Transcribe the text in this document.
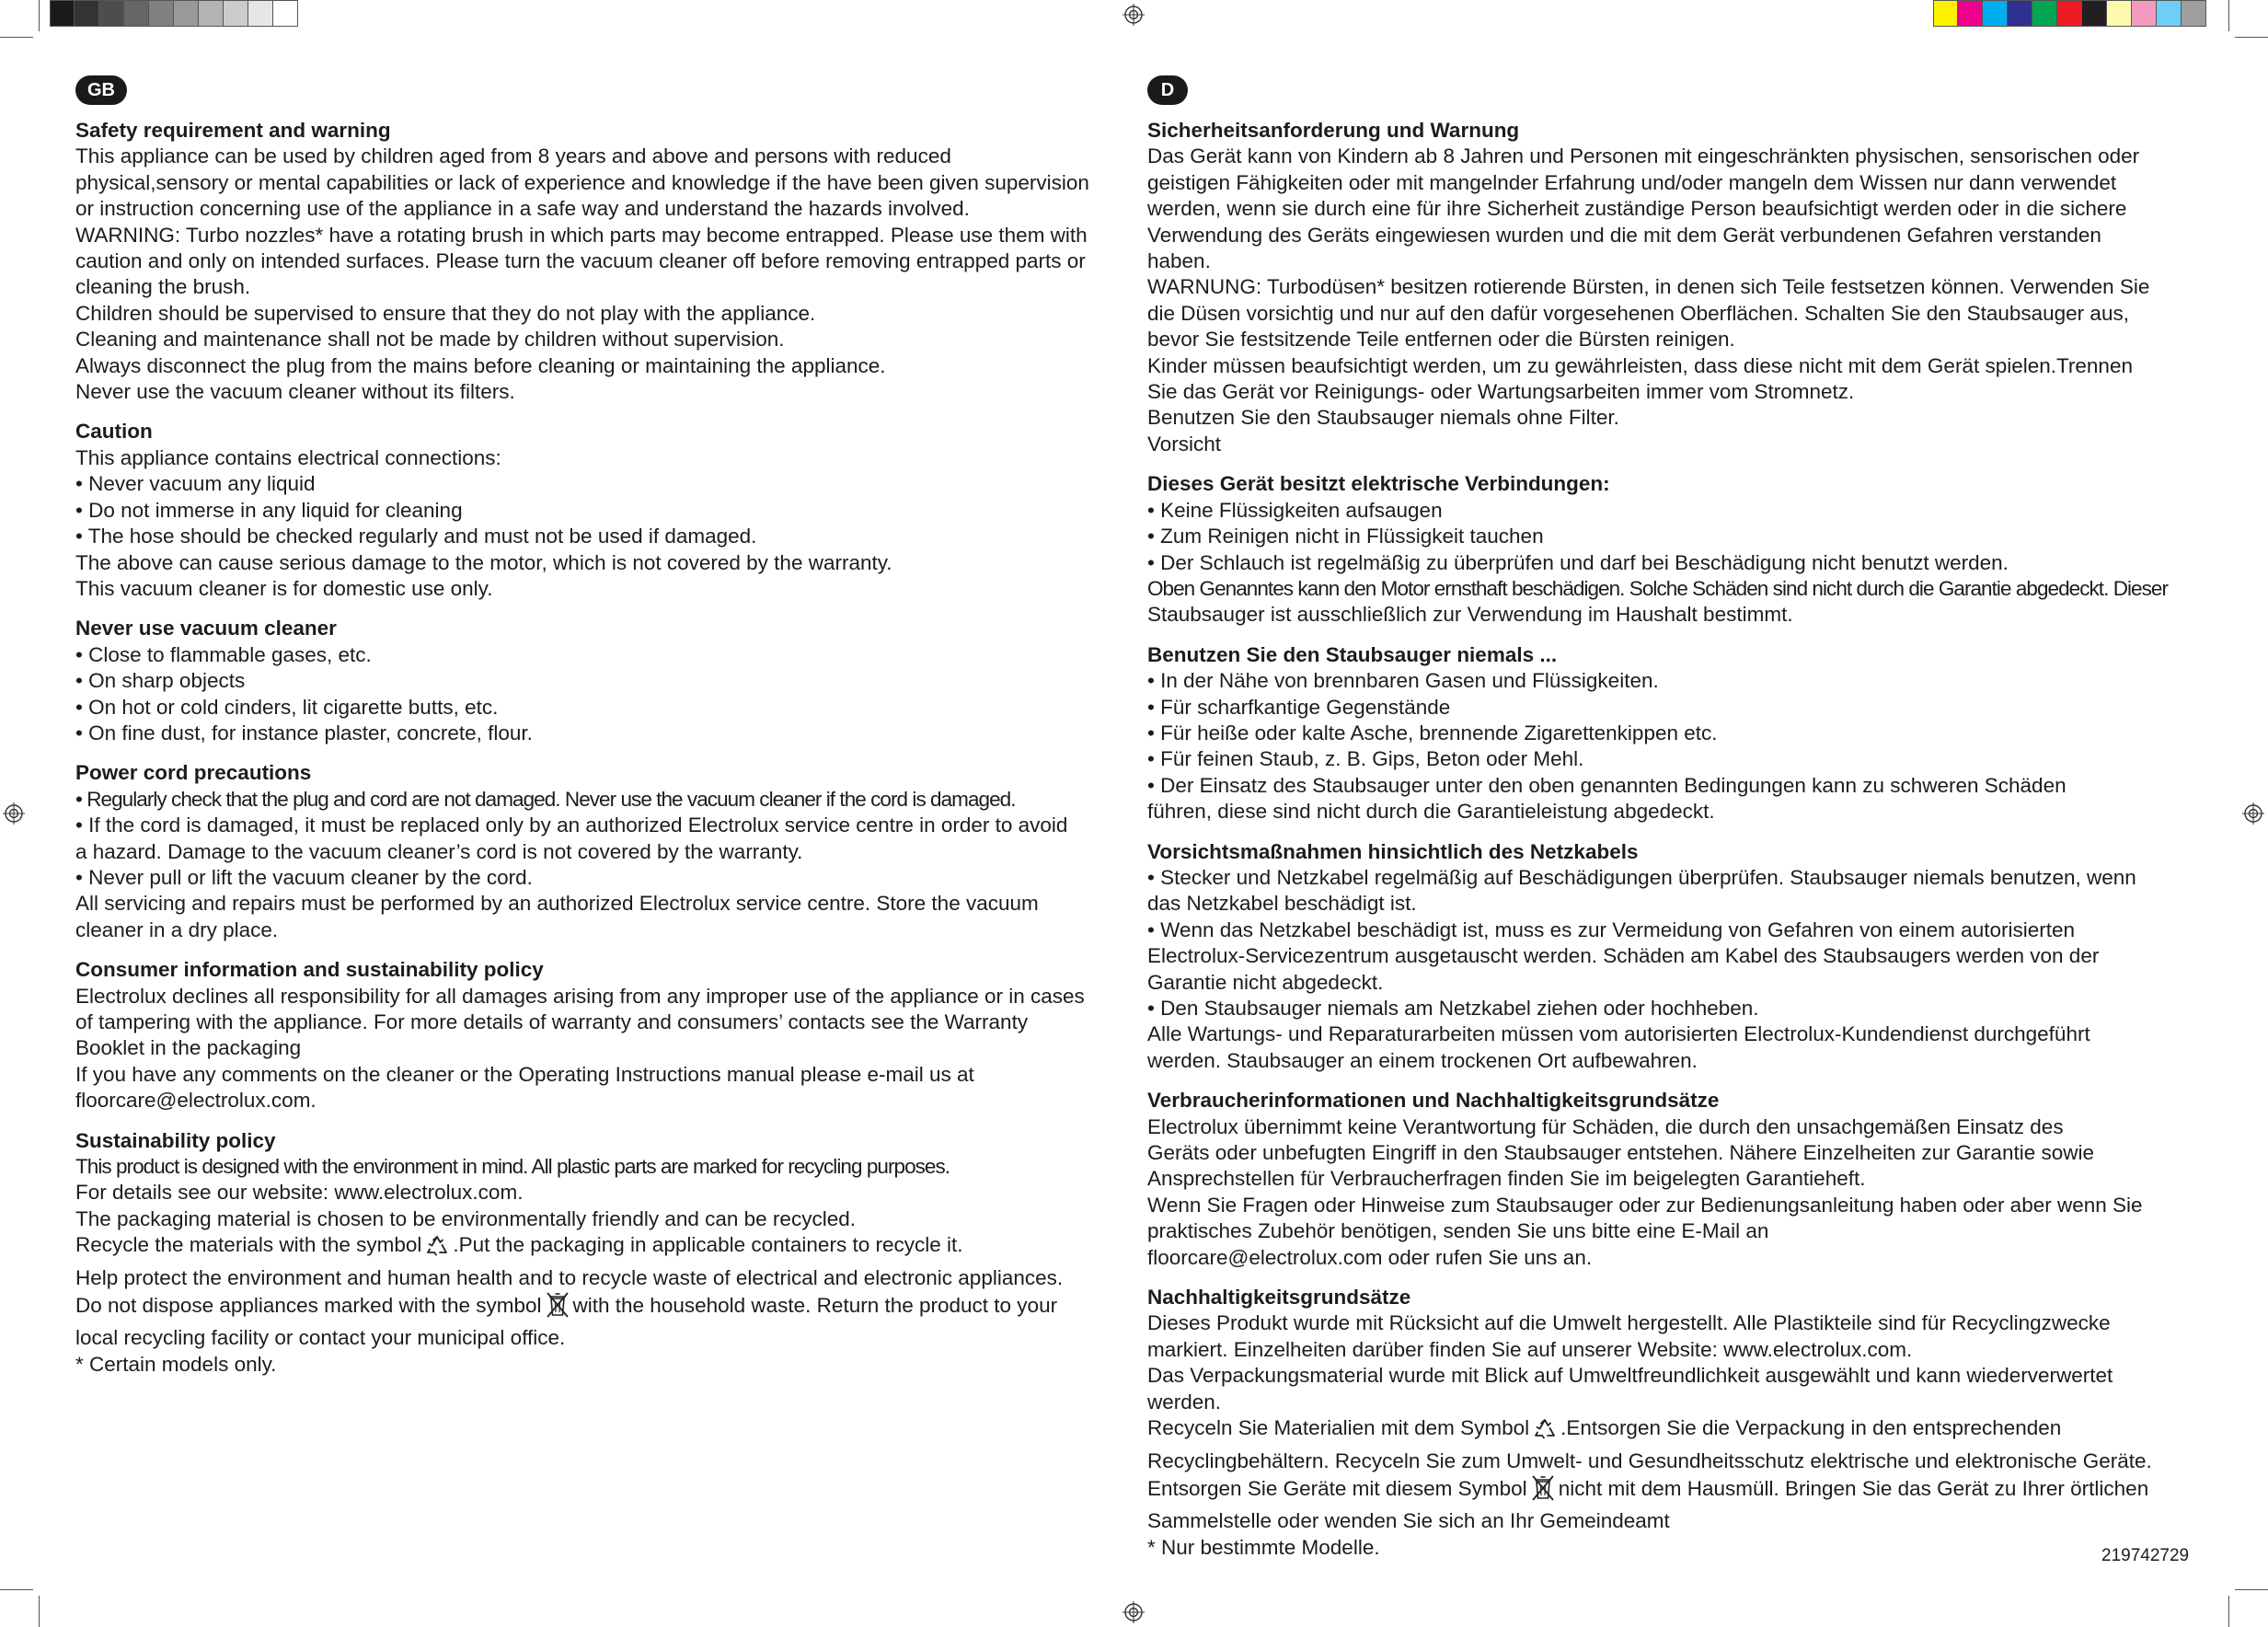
GB
Safety requirement and warning
This appliance can be used by children aged from 8 years and above and persons with reduced
physical,sensory or mental capabilities or lack of experience and knowledge if the have been given supervision
or instruction concerning use of the appliance in a safe way and understand the hazards involved.
WARNING: Turbo nozzles* have a rotating brush in which parts may become entrapped. Please use them with
caution and only on intended surfaces. Please turn the vacuum cleaner off before removing entrapped parts or
cleaning the brush.
Children should be supervised to ensure that they do not play with the appliance.
Cleaning and maintenance shall not be made by children without supervision.
Always disconnect the plug from the mains before cleaning or maintaining the appliance.
Never use the vacuum cleaner without its filters.
Caution
This appliance contains electrical connections:
• Never vacuum any liquid
• Do not immerse in any liquid for cleaning
• The hose should be checked regularly and must not be used if damaged.
The above can cause serious damage to the motor, which is not covered by the warranty.
This vacuum cleaner is for domestic use only.
Never use vacuum cleaner
• Close to flammable gases, etc.
• On sharp objects
• On hot or cold cinders, lit cigarette butts, etc.
• On fine dust, for instance plaster, concrete, flour.
Power cord precautions
• Regularly check that the plug and cord are not damaged. Never use the vacuum cleaner if the cord is damaged.
• If the cord is damaged, it must be replaced only by an authorized Electrolux service centre in order to avoid
a hazard. Damage to the vacuum cleaner’s cord is not covered by the warranty.
• Never pull or lift the vacuum cleaner by the cord.
All servicing and repairs must be performed by an authorized Electrolux service centre. Store the vacuum
cleaner in a dry place.
Consumer information and sustainability policy
Electrolux declines all responsibility for all damages arising from any improper use of the appliance or in cases
of tampering with the appliance. For more details of warranty and consumers’ contacts see the Warranty
Booklet in the packaging
If you have any comments on the cleaner or the Operating Instructions manual please e-mail us at
floorcare@electrolux.com.
Sustainability policy
This product is designed with the environment in mind. All plastic parts are marked for recycling purposes.
For details see our website: www.electrolux.com.
The packaging material is chosen to be environmentally friendly and can be recycled.
Recycle the materials with the symbol .Put the packaging in applicable containers to recycle it.
Help protect the environment and human health and to recycle waste of electrical and electronic appliances.
Do not dispose appliances marked with the symbol with the household waste. Return the product to your
local recycling facility or contact your municipal office.
* Certain models only.
D
Sicherheitsanforderung und Warnung
Das Gerät kann von Kindern ab 8 Jahren und Personen mit eingeschränkten physischen, sensorischen oder
geistigen Fähigkeiten oder mit mangelnder Erfahrung und/oder mangeln dem Wissen nur dann verwendet
werden, wenn sie durch eine für ihre Sicherheit zuständige Person beaufsichtigt werden oder in die sichere
Verwendung des Geräts eingewiesen wurden und die mit dem Gerät verbundenen Gefahren verstanden
haben.
WARNUNG: Turbodüsen* besitzen rotierende Bürsten, in denen sich Teile festsetzen können. Verwenden Sie
die Düsen vorsichtig und nur auf den dafür vorgesehenen Oberflächen. Schalten Sie den Staubsauger aus,
bevor Sie festsitzende Teile entfernen oder die Bürsten reinigen.
Kinder müssen beaufsichtigt werden, um zu gewährleisten, dass diese nicht mit dem Gerät spielen.Trennen
Sie das Gerät vor Reinigungs- oder Wartungsarbeiten immer vom Stromnetz.
Benutzen Sie den Staubsauger niemals ohne Filter.
Vorsicht
Dieses Gerät besitzt elektrische Verbindungen:
• Keine Flüssigkeiten aufsaugen
• Zum Reinigen nicht in Flüssigkeit tauchen
• Der Schlauch ist regelmäßig zu überprüfen und darf bei Beschädigung nicht benutzt werden.
Oben Genanntes kann den Motor ernsthaft beschädigen. Solche Schäden sind nicht durch die Garantie abgedeckt. Dieser
Staubsauger ist ausschließlich zur Verwendung im Haushalt bestimmt.
Benutzen Sie den Staubsauger niemals ...
• In der Nähe von brennbaren Gasen und Flüssigkeiten.
• Für scharfkantige Gegenstände
• Für heiße oder kalte Asche, brennende Zigarettenkippen etc.
• Für feinen Staub, z. B. Gips, Beton oder Mehl.
• Der Einsatz des Staubsauger unter den oben genannten Bedingungen kann zu schweren Schäden
führen, diese sind nicht durch die Garantieleistung abgedeckt.
Vorsichtsmaßnahmen hinsichtlich des Netzkabels
• Stecker und Netzkabel regelmäßig auf Beschädigungen überprüfen. Staubsauger niemals benutzen, wenn
das Netzkabel beschädigt ist.
• Wenn das Netzkabel beschädigt ist, muss es zur Vermeidung von Gefahren von einem autorisierten
Electrolux-Servicezentrum ausgetauscht werden. Schäden am Kabel des Staubsaugers werden von der
Garantie nicht abgedeckt.
• Den Staubsauger niemals am Netzkabel ziehen oder hochheben.
Alle Wartungs- und Reparaturarbeiten müssen vom autorisierten Electrolux-Kundendienst durchgeführt
werden. Staubsauger an einem trockenen Ort aufbewahren.
Verbraucherinformationen und Nachhaltigkeitsgrundsätze
Electrolux übernimmt keine Verantwortung für Schäden, die durch den unsachgemäßen Einsatz des
Geräts oder unbefugten Eingriff in den Staubsauger entstehen. Nähere Einzelheiten zur Garantie sowie
Ansprechstellen für Verbraucherfragen finden Sie im beigelegten Garantieheft.
Wenn Sie Fragen oder Hinweise zum Staubsauger oder zur Bedienungsanleitung haben oder aber wenn Sie
praktisches Zubehör benötigen, senden Sie uns bitte eine E-Mail an
floorcare@electrolux.com oder rufen Sie uns an.
Nachhaltigkeitsgrundsätze
Dieses Produkt wurde mit Rücksicht auf die Umwelt hergestellt. Alle Plastikteile sind für Recyclingzwecke
markiert. Einzelheiten darüber finden Sie auf unserer Website: www.electrolux.com.
Das Verpackungsmaterial wurde mit Blick auf Umweltfreundlichkeit ausgewählt und kann wiederverwertet
werden.
Recyceln Sie Materialien mit dem Symbol .Entsorgen Sie die Verpackung in den entsprechenden
Recyclingbehältern. Recyceln Sie zum Umwelt- und Gesundheitsschutz elektrische und elektronische Geräte.
Entsorgen Sie Geräte mit diesem Symbol nicht mit dem Hausmüll. Bringen Sie das Gerät zu Ihrer örtlichen
Sammelstelle oder wenden Sie sich an Ihr Gemeindeamt
* Nur bestimmte Modelle.	219742729
